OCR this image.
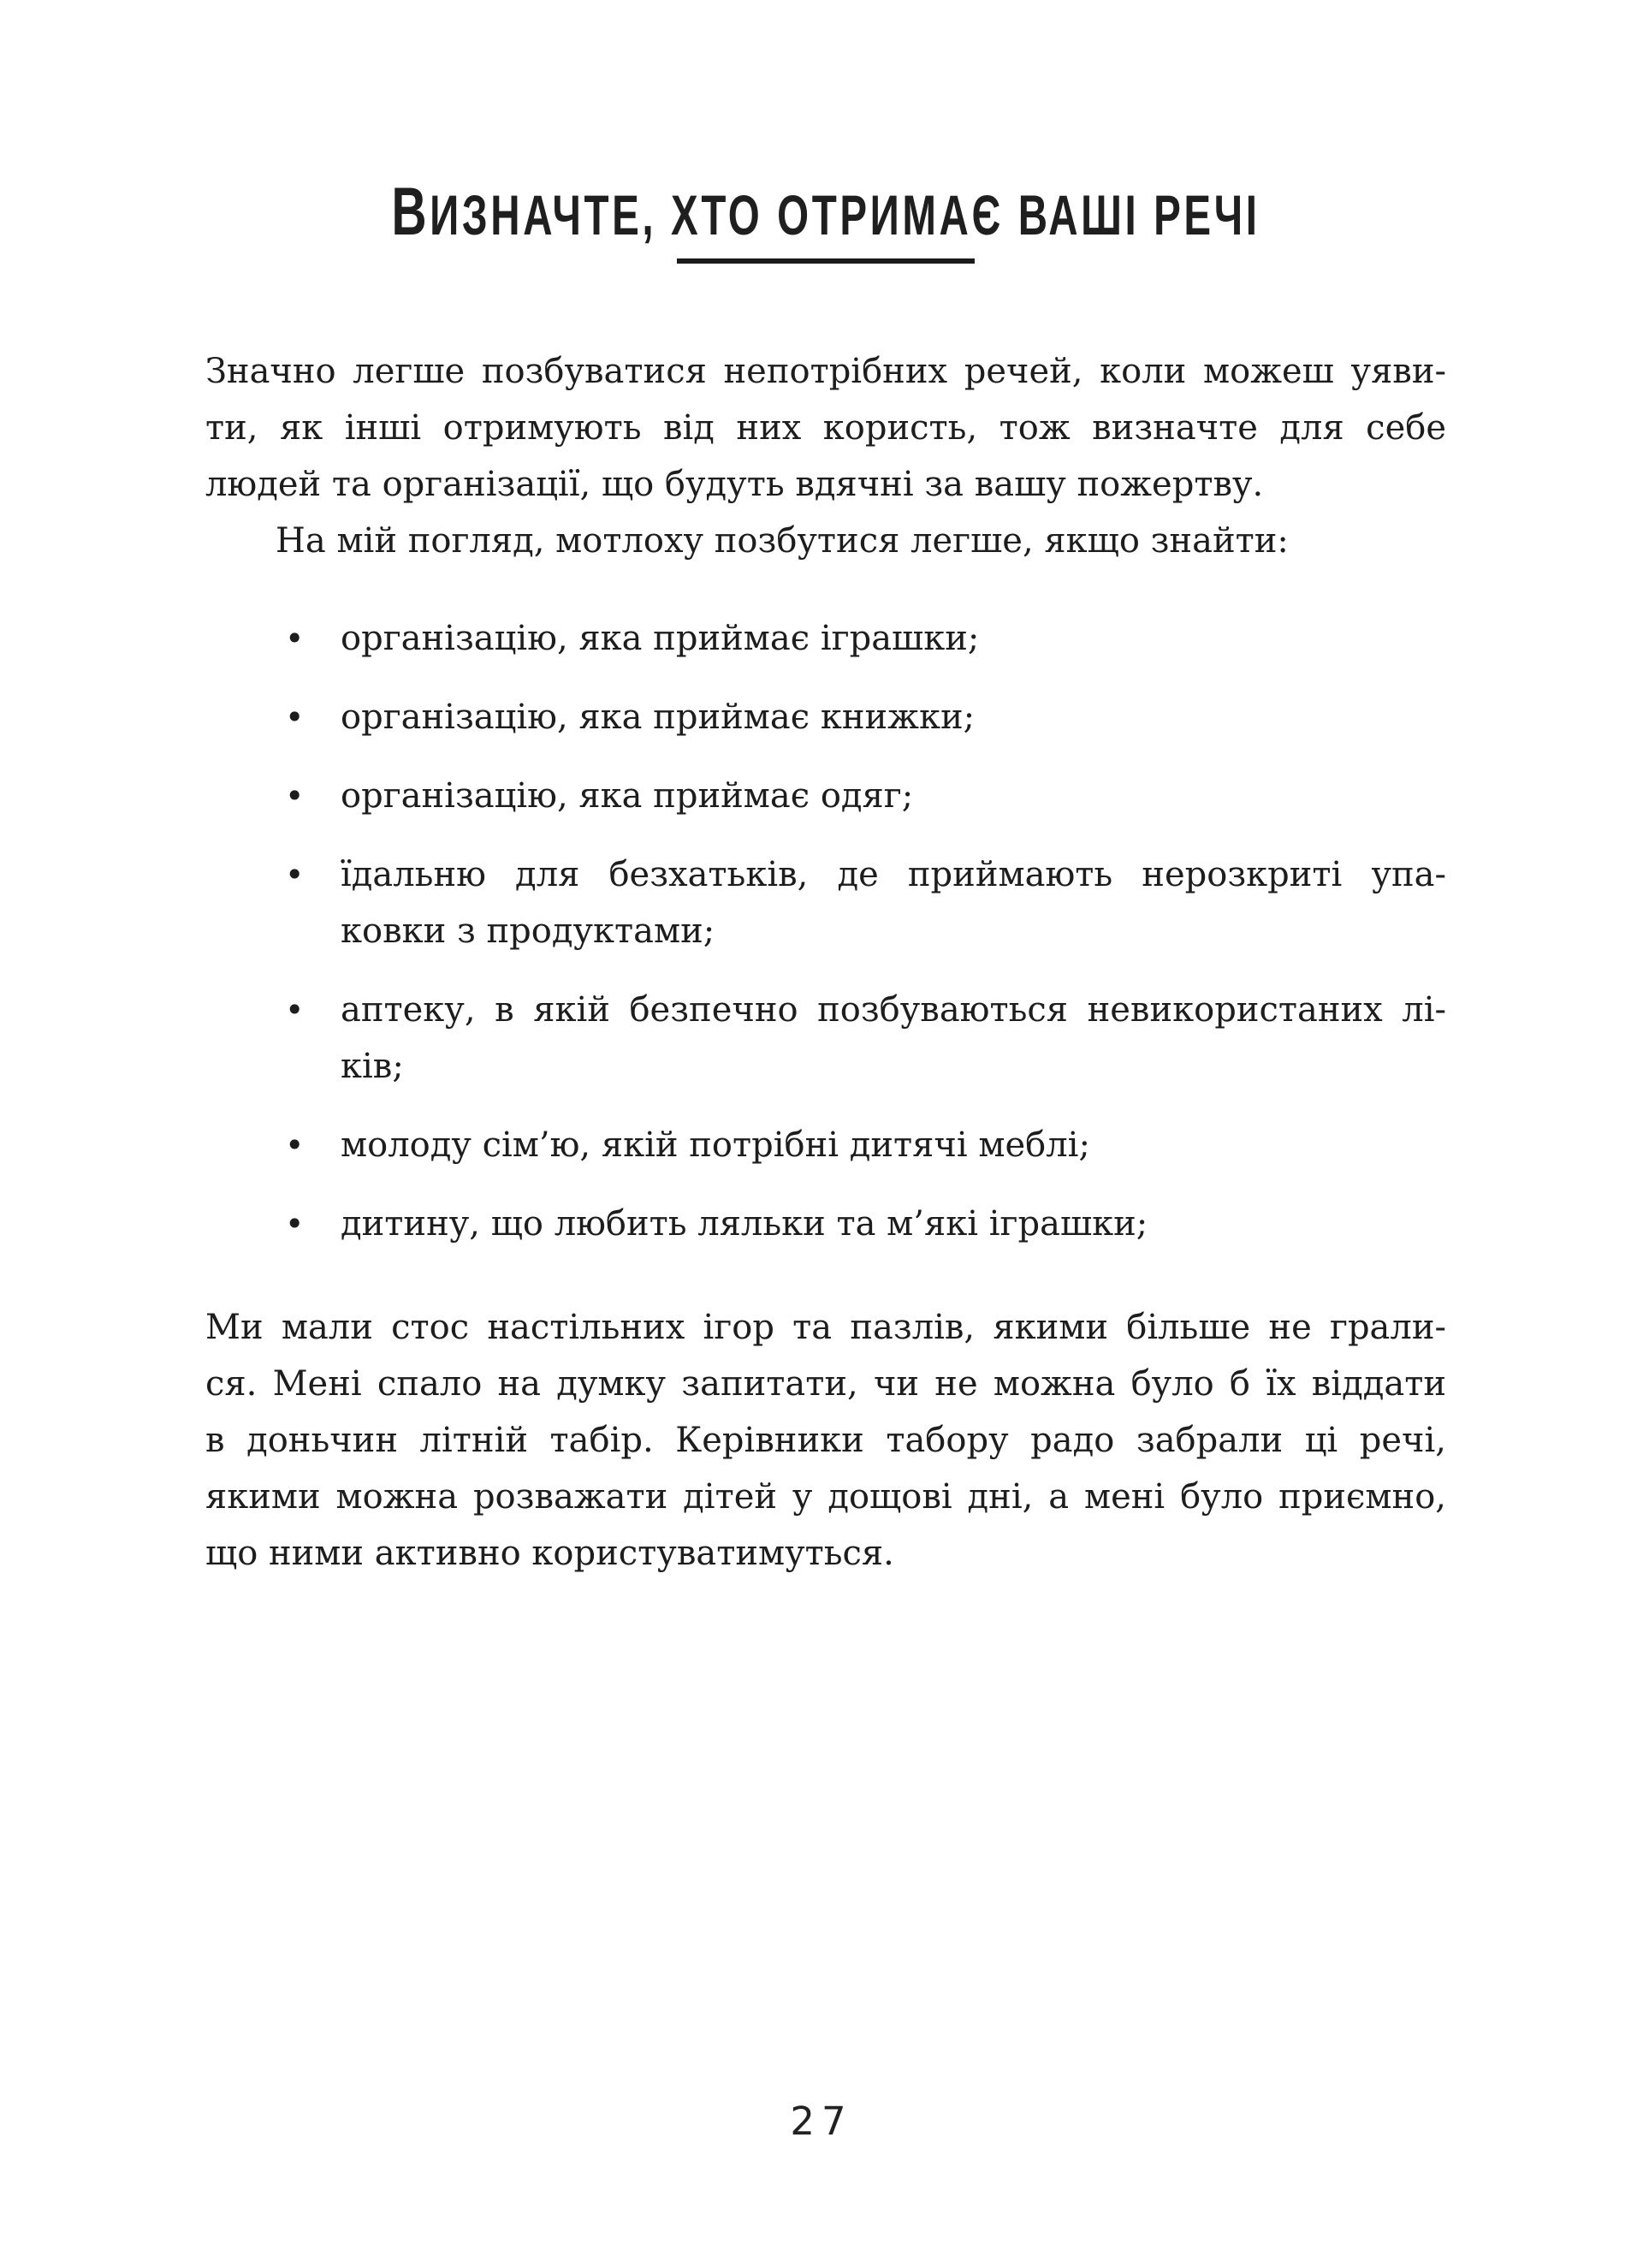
ВИЗНАЧТЕ, ХТО ОТРИМАЄ ВАШІ РЕЧІ
Значно легше позбуватися непотрібних речей, коли можеш уяви-
ти, як інші отримують від них користь, тож визначте для себе
людей та організації, що будуть вдячні за вашу пожертву.
На мій погляд, мотлоху позбутися легше, якщо знайти:
•	організацію, яка приймає іграшки;
•	організацію, яка приймає книжки;
•	організацію, яка приймає одяг;
•	їдальню для безхатьків, де приймають нерозкриті упа-
ковки з продуктами;
•	аптеку, в якій безпечно позбуваються невикористаних лі-
ків;
•	молоду сім’ю, якій потрібні дитячі меблі;
•	дитину, що любить ляльки та м’які іграшки;
Ми мали стос настільних ігор та пазлів, якими більше не грали-
ся. Мені спало на думку запитати, чи не можна було б їх віддати
в доньчин літній табір. Керівники табору радо забрали ці речі,
якими можна розважати дітей у дощові дні, а мені було приємно,
що ними активно користуватимуться.
27
